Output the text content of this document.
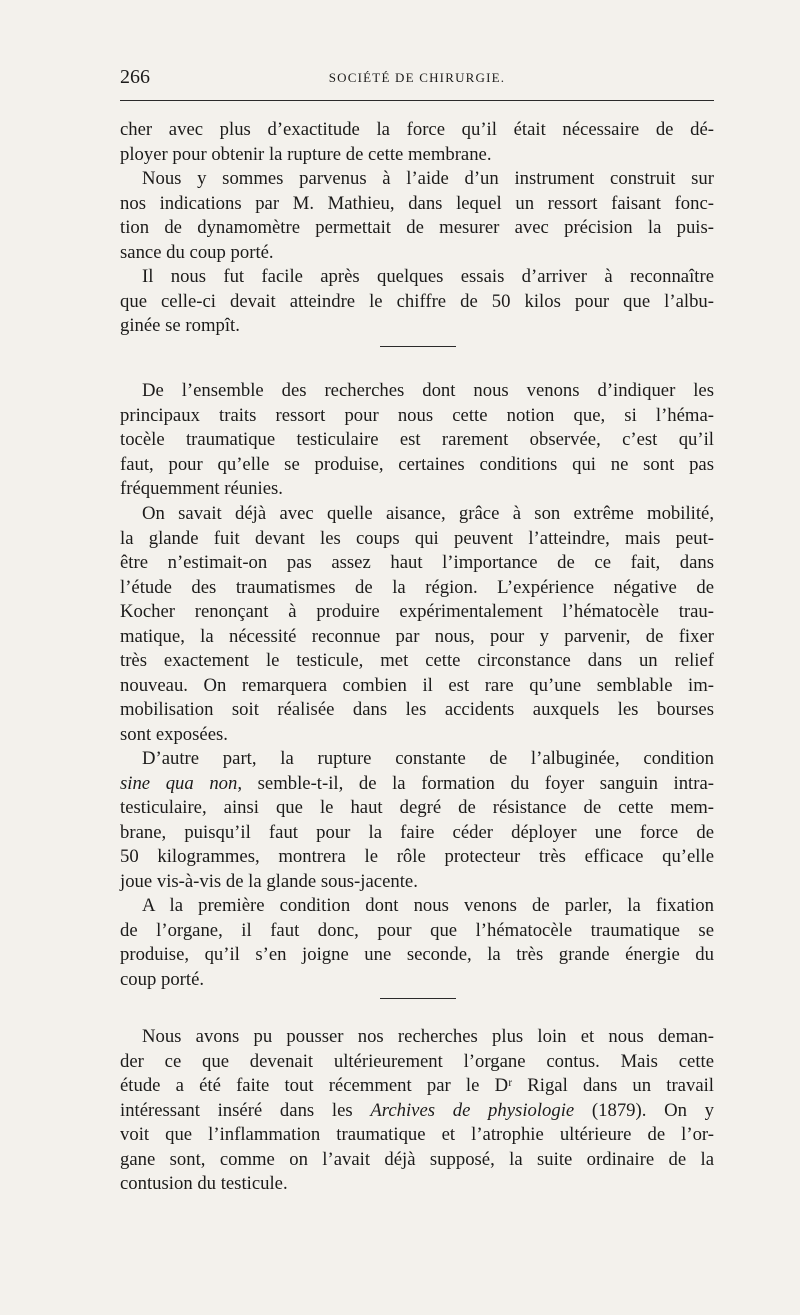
266	SOCIÉTÉ DE CHIRURGIE.

cher avec plus d’exactitude la force qu’il était nécessaire de dé-
ployer pour obtenir la rupture de cette membrane.

Nous y sommes parvenus à l’aide d’un instrument construit sur
nos indications par M. Mathieu, dans lequel un ressort faisant fonc-
tion de dynamomètre permettait de mesurer avec précision la puis-
sance du coup porté.

Il nous fut facile après quelques essais d’arriver à reconnaître
que celle-ci devait atteindre le chiffre de 50 kilos pour que l’albu-
ginée se rompît.

De l’ensemble des recherches dont nous venons d’indiquer les
principaux traits ressort pour nous cette notion que, si l’héma-
tocèle traumatique testiculaire est rarement observée, c’est qu’il
faut, pour qu’elle se produise, certaines conditions qui ne sont pas
fréquemment réunies.

On savait déjà avec quelle aisance, grâce à son extrême mobilité,
la glande fuit devant les coups qui peuvent l’atteindre, mais peut-
être n’estimait-on pas assez haut l’importance de ce fait, dans
l’étude des traumatismes de la région. L’expérience négative de
Kocher renonçant à produire expérimentalement l’hématocèle trau-
matique, la nécessité reconnue par nous, pour y parvenir, de fixer
très exactement le testicule, met cette circonstance dans un relief
nouveau. On remarquera combien il est rare qu’une semblable im-
mobilisation soit réalisée dans les accidents auxquels les bourses
sont exposées.

D’autre part, la rupture constante de l’albuginée, condition
sine qua non, semble-t-il, de la formation du foyer sanguin intra-
testiculaire, ainsi que le haut degré de résistance de cette mem-
brane, puisqu’il faut pour la faire céder déployer une force de
50 kilogrammes, montrera le rôle protecteur très efficace qu’elle
joue vis-à-vis de la glande sous-jacente.

A la première condition dont nous venons de parler, la fixation
de l’organe, il faut donc, pour que l’hématocèle traumatique se
produise, qu’il s’en joigne une seconde, la très grande énergie du
coup porté.

Nous avons pu pousser nos recherches plus loin et nous deman-
der ce que devenait ultérieurement l’organe contus. Mais cette
étude a été faite tout récemment par le Dʳ Rigal dans un travail
intéressant inséré dans les Archives de physiologie (1879). On y
voit que l’inflammation traumatique et l’atrophie ultérieure de l’or-
gane sont, comme on l’avait déjà supposé, la suite ordinaire de la
contusion du testicule.
